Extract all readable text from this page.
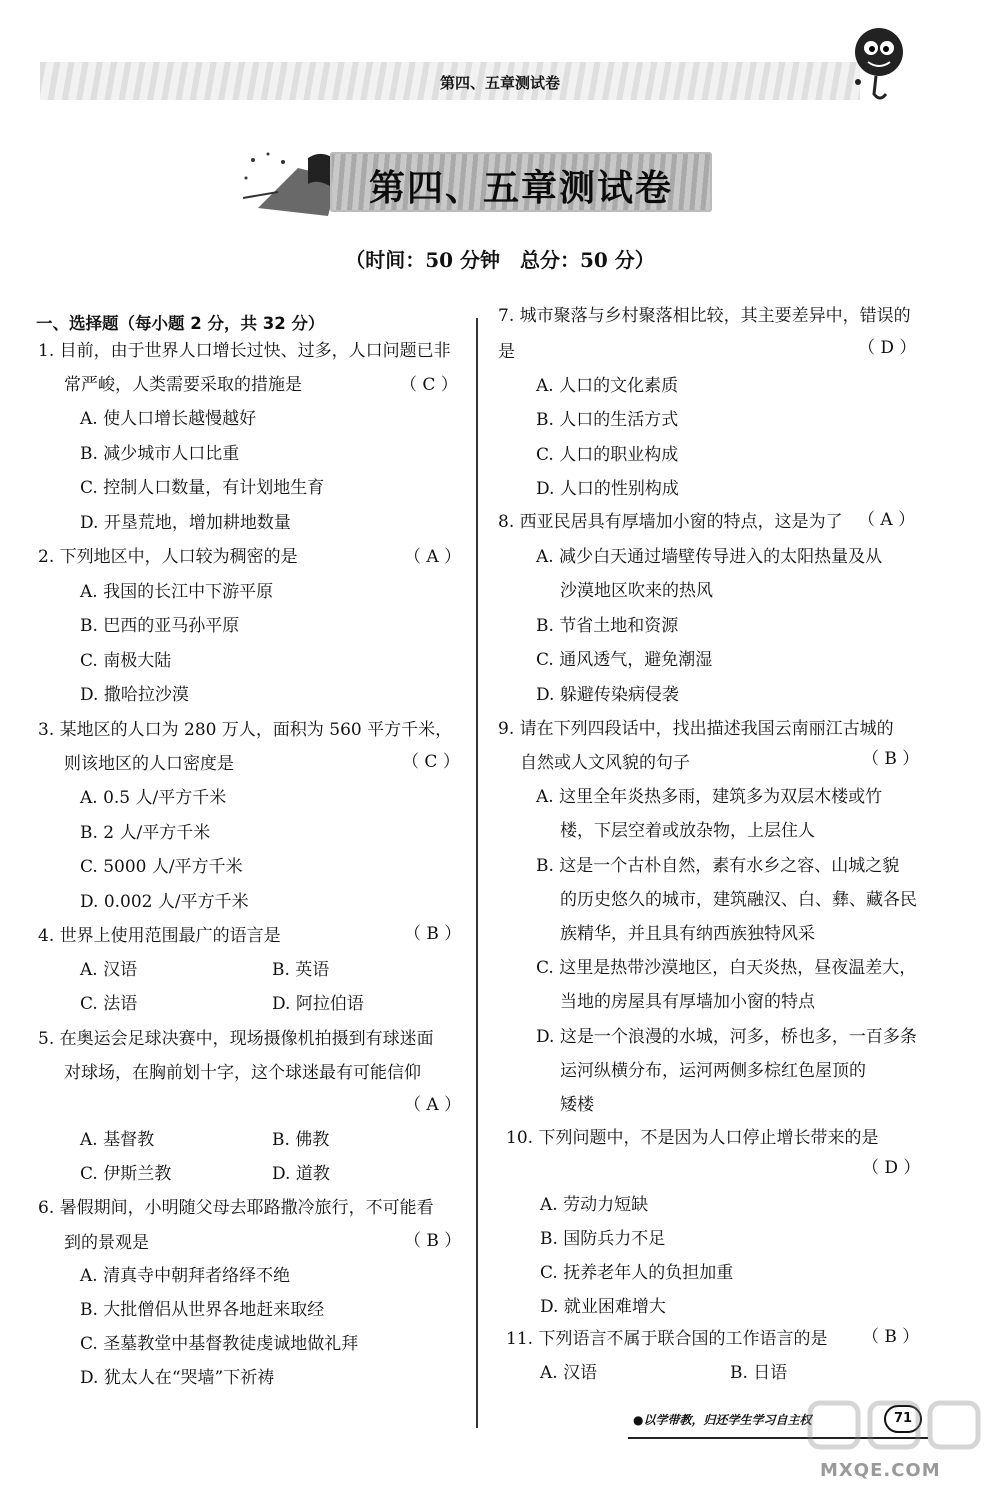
第四、五章测试卷
第四、五章测试卷
（时间：50 分钟　总分：50 分）
一、选择题（每小题 2 分，共 32 分）
1. 目前，由于世界人口增长过快、过多，人口问题已非
常严峻，人类需要采取的措施是	（ C ）
A. 使人口增长越慢越好
B. 减少城市人口比重
C. 控制人口数量，有计划地生育
D. 开垦荒地，增加耕地数量
2. 下列地区中，人口较为稠密的是	（ A ）
A. 我国的长江中下游平原
B. 巴西的亚马孙平原
C. 南极大陆
D. 撒哈拉沙漠
3. 某地区的人口为 280 万人，面积为 560 平方千米，
则该地区的人口密度是	（ C ）
A. 0.5 人/平方千米
B. 2 人/平方千米
C. 5000 人/平方千米
D. 0.002 人/平方千米
4. 世界上使用范围最广的语言是	（ B ）
A. 汉语	B. 英语
C. 法语	D. 阿拉伯语
5. 在奥运会足球决赛中，现场摄像机拍摄到有球迷面
对球场，在胸前划十字，这个球迷最有可能信仰
（ A ）
A. 基督教	B. 佛教
C. 伊斯兰教	D. 道教
6. 暑假期间，小明随父母去耶路撒冷旅行，不可能看
到的景观是	（ B ）
A. 清真寺中朝拜者络绎不绝
B. 大批僧侣从世界各地赶来取经
C. 圣墓教堂中基督教徒虔诚地做礼拜
D. 犹太人在“哭墙”下祈祷
7. 城市聚落与乡村聚落相比较，其主要差异中，错误的
是	（ D ）
A. 人口的文化素质
B. 人口的生活方式
C. 人口的职业构成
D. 人口的性别构成
8. 西亚民居具有厚墙加小窗的特点，这是为了 （ A ）
A. 减少白天通过墙壁传导进入的太阳热量及从
沙漠地区吹来的热风
B. 节省土地和资源
C. 通风透气，避免潮湿
D. 躲避传染病侵袭
9. 请在下列四段话中，找出描述我国云南丽江古城的
自然或人文风貌的句子	（ B ）
A. 这里全年炎热多雨，建筑多为双层木楼或竹
楼，下层空着或放杂物，上层住人
B. 这是一个古朴自然，素有水乡之容、山城之貌
的历史悠久的城市，建筑融汉、白、彝、藏各民
族精华，并且具有纳西族独特风采
C. 这里是热带沙漠地区，白天炎热，昼夜温差大，
当地的房屋具有厚墙加小窗的特点
D. 这是一个浪漫的水城，河多，桥也多，一百多条
运河纵横分布，运河两侧多棕红色屋顶的
矮楼
10. 下列问题中，不是因为人口停止增长带来的是
（ D ）
A. 劳动力短缺
B. 国防兵力不足
C. 抚养老年人的负担加重
D. 就业困难增大
11. 下列语言不属于联合国的工作语言的是 （ B ）
A. 汉语	B. 日语
●以学带教，归还学生学习自主权	71
MXQE.COM
